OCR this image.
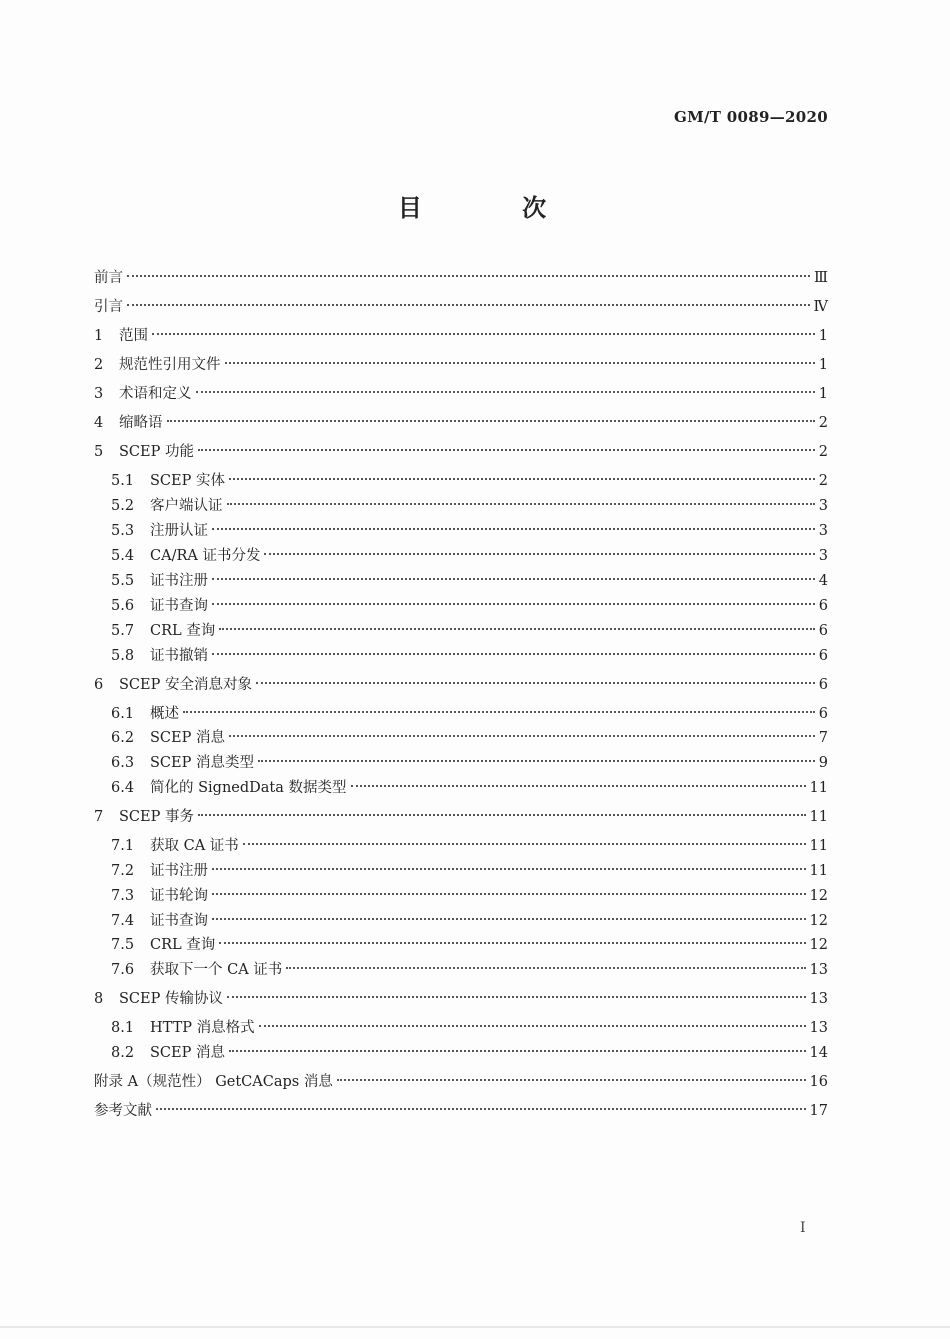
GM/T 0089—2020
目 次
前言	Ⅲ
引言	Ⅳ
1	范围	1
2	规范性引用文件	1
3	术语和定义	1
4	缩略语	2
5	SCEP 功能	2
5.1	SCEP 实体	2
5.2	客户端认证	3
5.3	注册认证	3
5.4	CA/RA 证书分发	3
5.5	证书注册	4
5.6	证书查询	6
5.7	CRL 查询	6
5.8	证书撤销	6
6	SCEP 安全消息对象	6
6.1	概述	6
6.2	SCEP 消息	7
6.3	SCEP 消息类型	9
6.4	简化的 SignedData 数据类型	11
7	SCEP 事务	11
7.1	获取 CA 证书	11
7.2	证书注册	11
7.3	证书轮询	12
7.4	证书查询	12
7.5	CRL 查询	12
7.6	获取下一个 CA 证书	13
8	SCEP 传输协议	13
8.1	HTTP 消息格式	13
8.2	SCEP 消息	14
附录 A（规范性） GetCACaps 消息	16
参考文献	17
I
